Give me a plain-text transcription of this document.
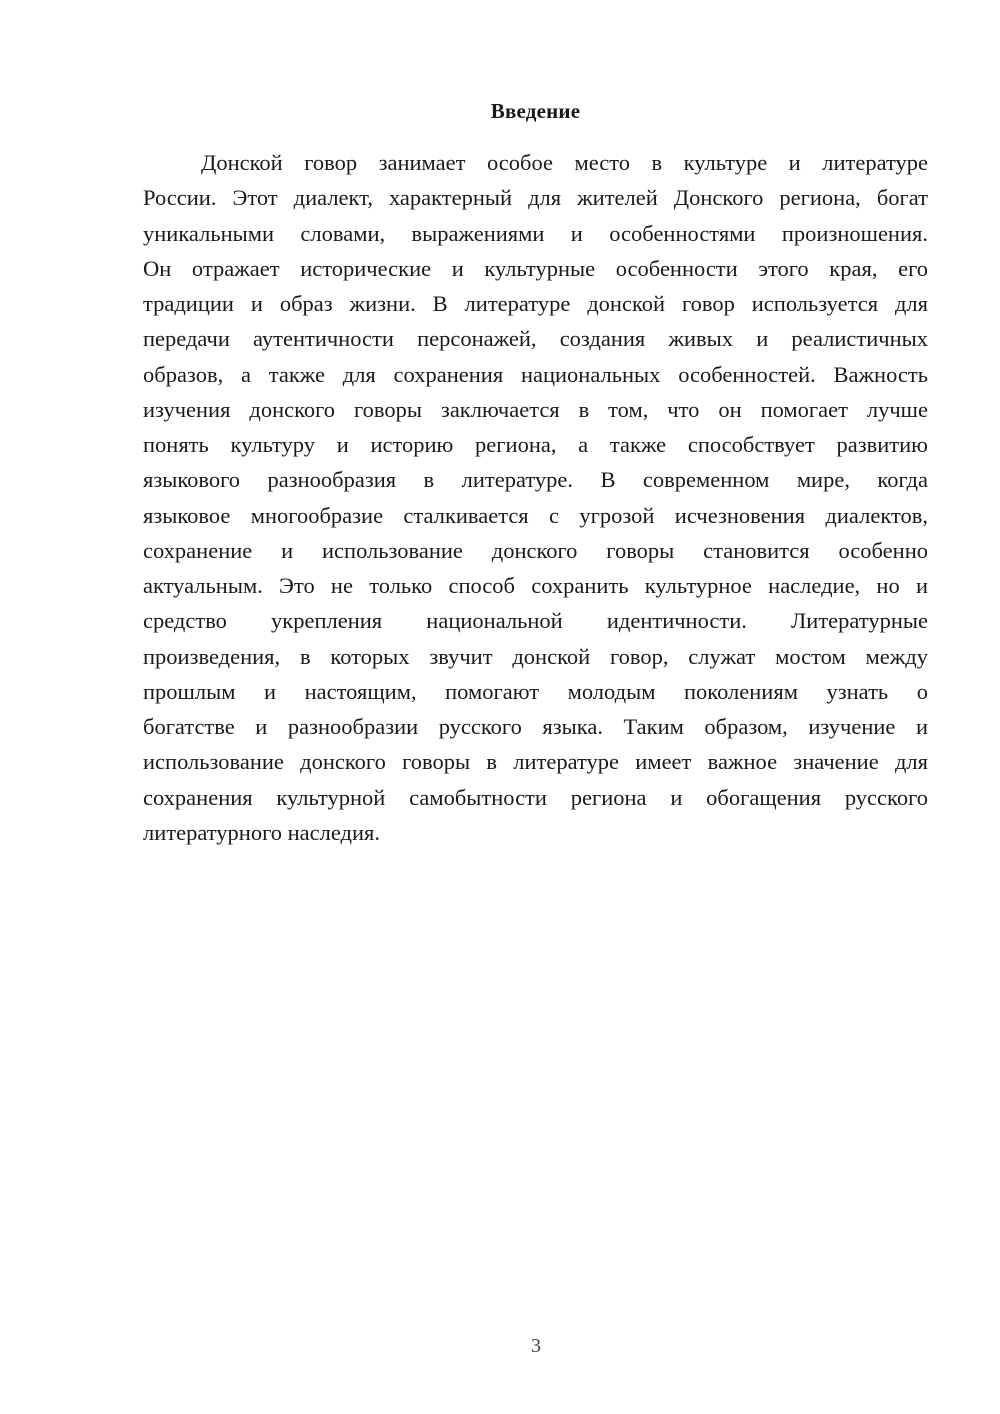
Введение
Донской говор занимает особое место в культуре и литературе
России. Этот диалект, характерный для жителей Донского региона, богат
уникальными словами, выражениями и особенностями произношения.
Он отражает исторические и культурные особенности этого края, его
традиции и образ жизни. В литературе донской говор используется для
передачи аутентичности персонажей, создания живых и реалистичных
образов, а также для сохранения национальных особенностей. Важность
изучения донского говоры заключается в том, что он помогает лучше
понять культуру и историю региона, а также способствует развитию
языкового разнообразия в литературе. В современном мире, когда
языковое многообразие сталкивается с угрозой исчезновения диалектов,
сохранение и использование донского говоры становится особенно
актуальным. Это не только способ сохранить культурное наследие, но и
средство укрепления национальной идентичности. Литературные
произведения, в которых звучит донской говор, служат мостом между
прошлым и настоящим, помогают молодым поколениям узнать о
богатстве и разнообразии русского языка. Таким образом, изучение и
использование донского говоры в литературе имеет важное значение для
сохранения культурной самобытности региона и обогащения русского
литературного наследия.
3
